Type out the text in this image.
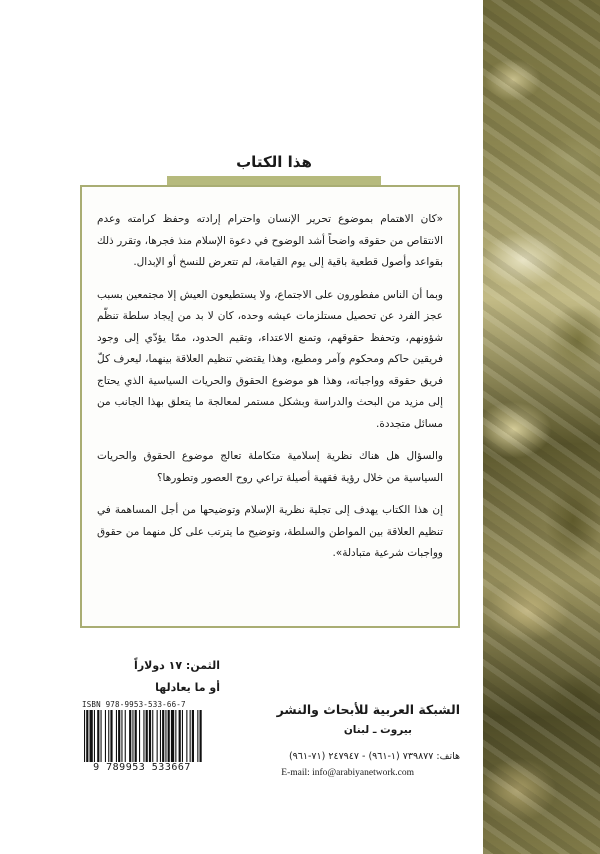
هذا الكتاب

«كان الاهتمام بموضوع تحرير الإنسان واحترام إرادته وحفظ كرامته وعدم الانتقاص من حقوقه واضحاً أشد الوضوح في دعوة الإسلام منذ فجرها، وتقرر ذلك بقواعد وأصول قطعية باقية إلى يوم القيامة، لم تتعرض للنسخ أو الإبدال.

وبما أن الناس مفطورون على الاجتماع، ولا يستطيعون العيش إلا مجتمعين بسبب عجز الفرد عن تحصيل مستلزمات عيشه وحده، كان لا بد من إيجاد سلطة تنظّم شؤونهم، وتحفظ حقوقهم، وتمنع الاعتداء، وتقيم الحدود، ممّا يؤدّي إلى وجود فريقين حاكم ومحكوم وآمر ومطيع، وهذا يقتضي تنظيم العلاقة بينهما، ليعرف كلّ فريق حقوقه وواجباته، وهذا هو موضوع الحقوق والحريات السياسية الذي يحتاج إلى مزيد من البحث والدراسة وبشكل مستمر لمعالجة ما يتعلق بهذا الجانب من مسائل متجددة.

والسؤال هل هناك نظرية إسلامية متكاملة تعالج موضوع الحقوق والحريات السياسية من خلال رؤية فقهية أصيلة تراعي روح العصور وتطورها؟

إن هذا الكتاب يهدف إلى تجلية نظرية الإسلام وتوضيحها من أجل المساهمة في تنظيم العلاقة بين المواطن والسلطة، وتوضيح ما يترتب على كل منهما من حقوق وواجبات شرعية متبادلة».

الثمن: ١٧ دولاراً
أو ما يعادلها
ISBN 978-9953-533-66-7
9 789953 533667
الشبكة العربية للأبحاث والنشر
بيروت ـ لبنان
هاتف: ٧٣٩٨٧٧ (١-٩٦١) - ٢٤٧٩٤٧ (٧١-٩٦١)
E-mail: info@arabiyanetwork.com
